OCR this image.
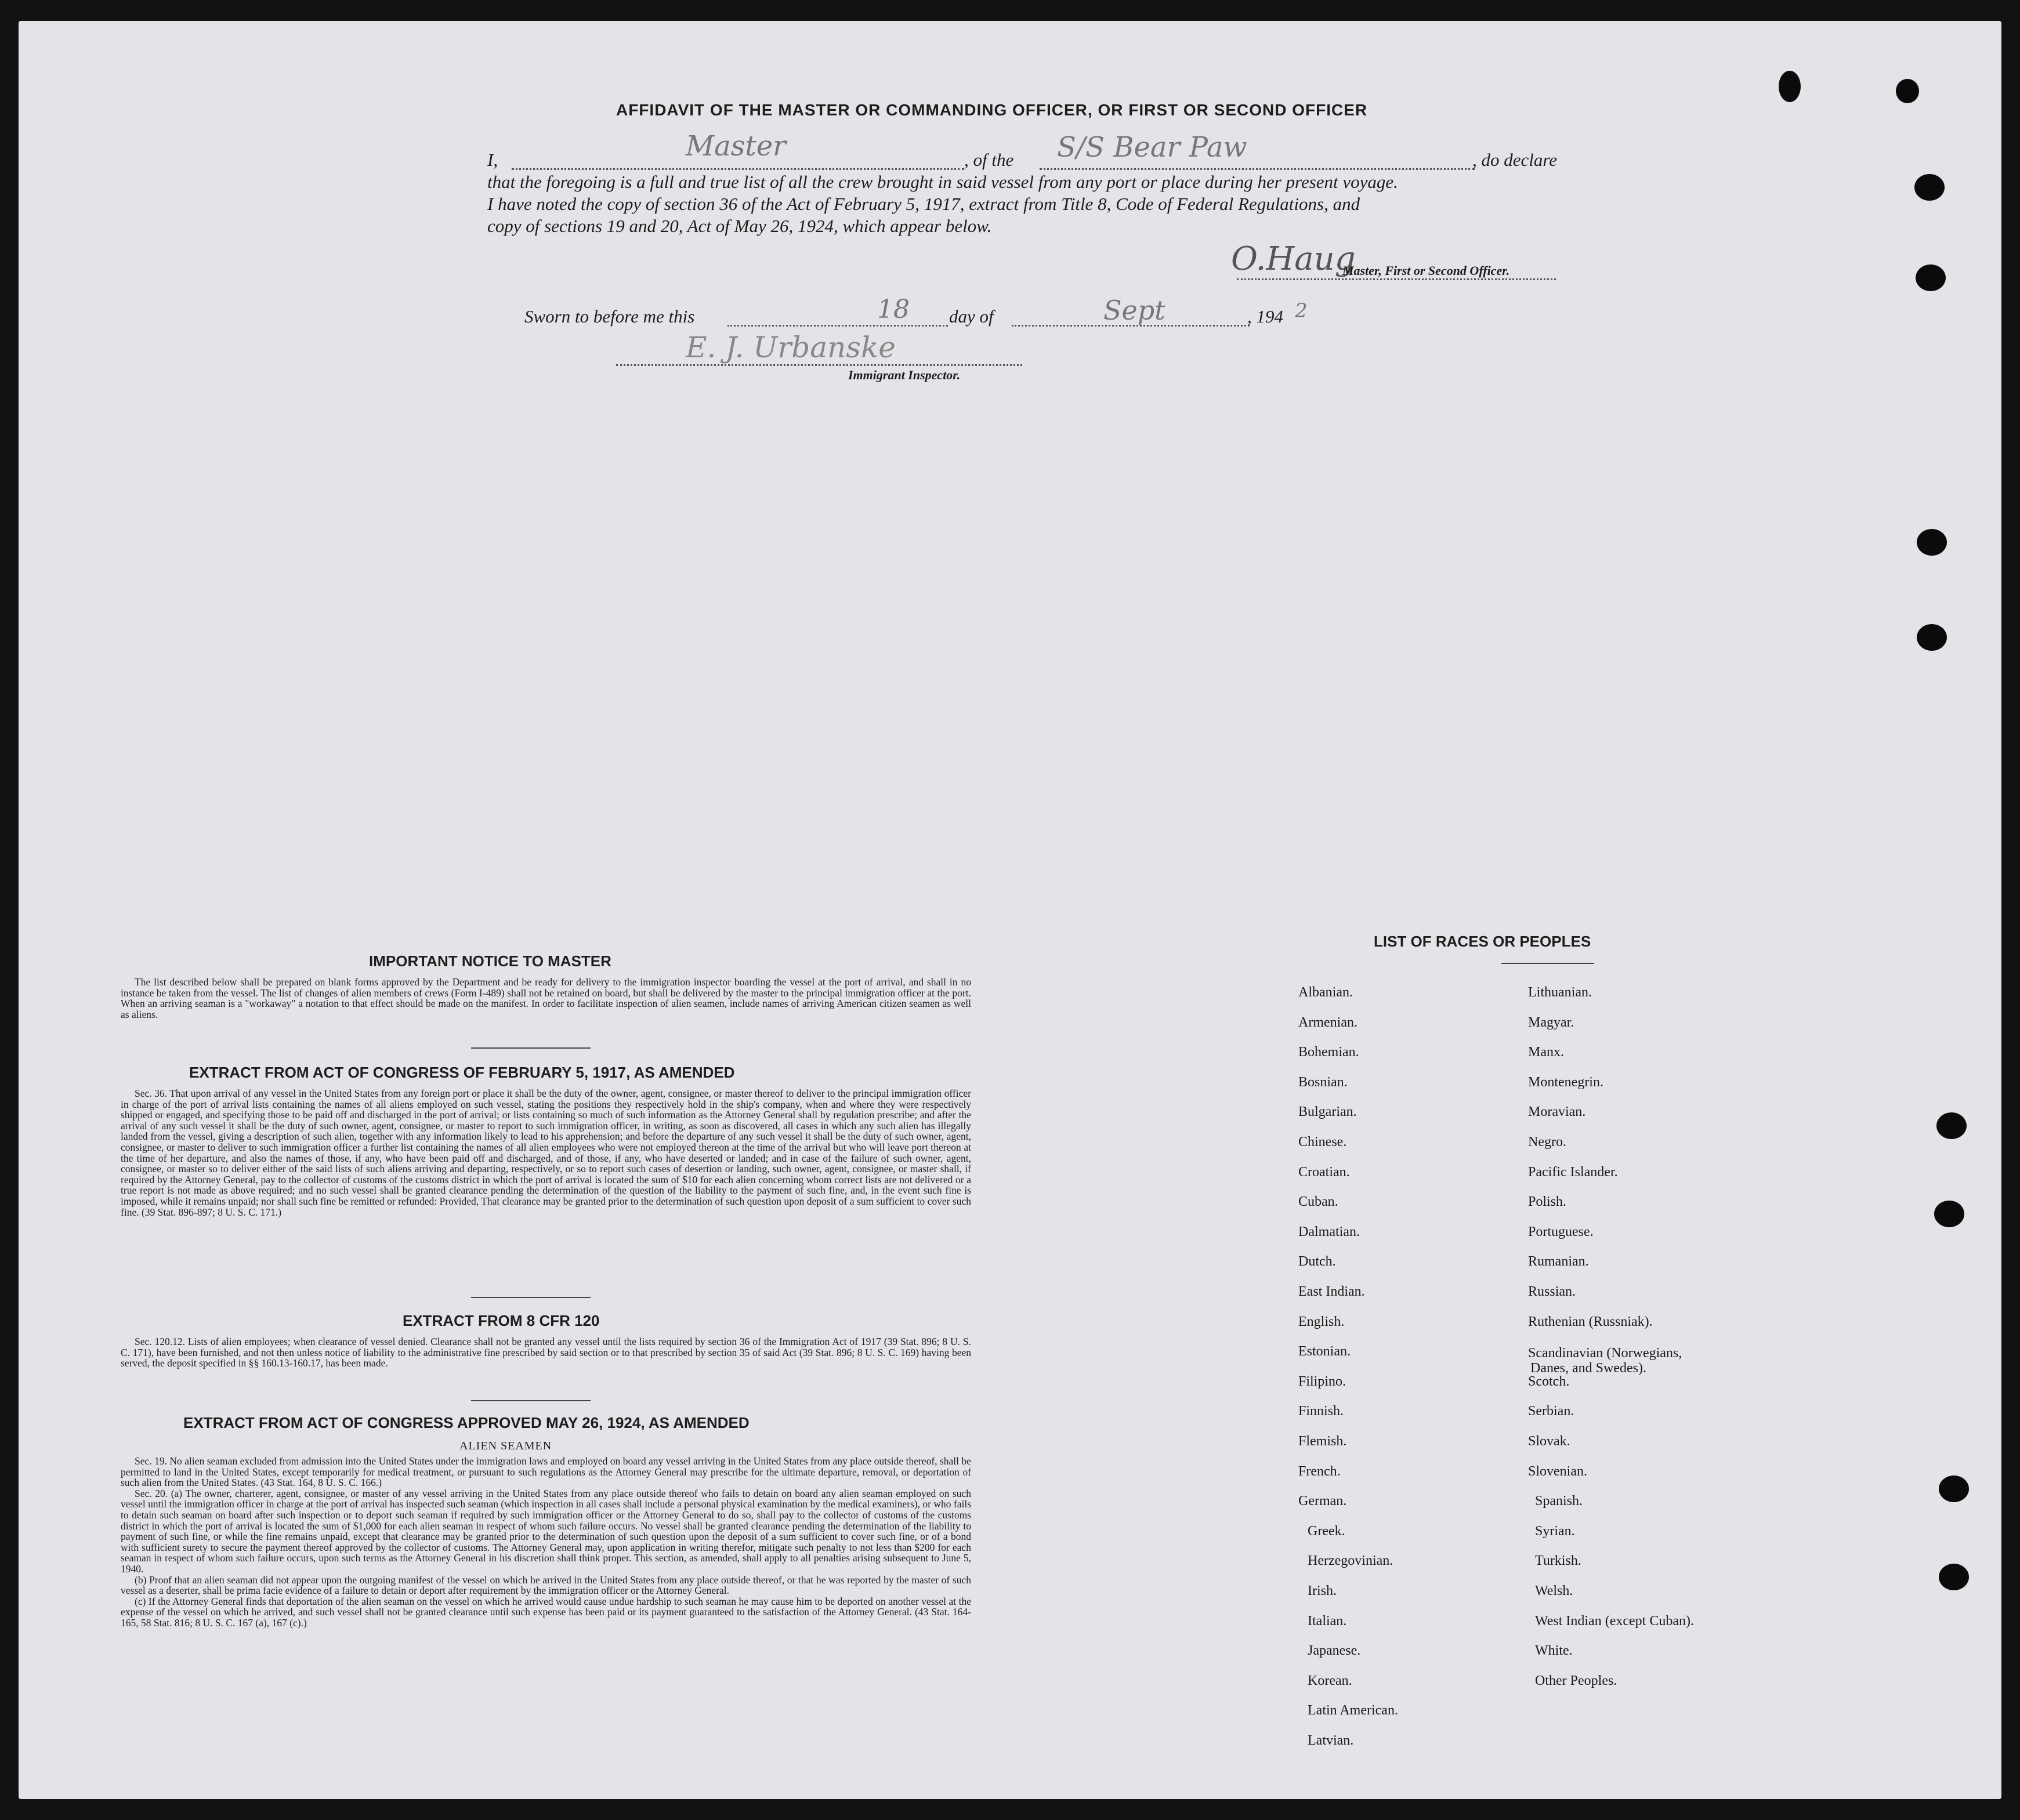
AFFIDAVIT OF THE MASTER OR COMMANDING OFFICER, OR FIRST OR SECOND OFFICER
I,	Master	, of the S/S Bear Paw	, do declare
that the foregoing is a full and true list of all the crew brought in said vessel from any port or place during her present voyage.
I have noted the copy of section 36 of the Act of February 5, 1917, extract from Title 8, Code of Federal Regulations, and
copy of sections 19 and 20, Act of May 26, 1924, which appear below.
O.Haug
Master, First or Second Officer.
Sworn to before me this	18 day of	Sept	, 194 2
E. J. Urbanske
Immigrant Inspector.
IMPORTANT NOTICE TO MASTER

The list described below shall be prepared on blank forms approved by the Department and be ready for delivery to the immigration inspector boarding the vessel at the port of arrival, and shall in no instance be taken from the vessel. The list of changes of alien members of crews (Form I-489) shall not be retained on board, but shall be delivered by the master to the principal immigration officer at the port. When an arriving seaman is a "workaway" a notation to that effect should be made on the manifest. In order to facilitate inspection of alien seamen, include names of arriving American citizen seamen as well as aliens.

EXTRACT FROM ACT OF CONGRESS OF FEBRUARY 5, 1917, AS AMENDED

Sec. 36. That upon arrival of any vessel in the United States from any foreign port or place it shall be the duty of the owner, agent, consignee, or master thereof to deliver to the principal immigration officer in charge of the port of arrival lists containing the names of all aliens employed on such vessel, stating the positions they respectively hold in the ship's company, when and where they were respectively shipped or engaged, and specifying those to be paid off and discharged in the port of arrival; or lists containing so much of such information as the Attorney General shall by regulation prescribe; and after the arrival of any such vessel it shall be the duty of such owner, agent, consignee, or master to report to such immigration officer, in writing, as soon as discovered, all cases in which any such alien has illegally landed from the vessel, giving a description of such alien, together with any information likely to lead to his apprehension; and before the departure of any such vessel it shall be the duty of such owner, agent, consignee, or master to deliver to such immigration officer a further list containing the names of all alien employees who were not employed thereon at the time of the arrival but who will leave port thereon at the time of her departure, and also the names of those, if any, who have been paid off and discharged, and of those, if any, who have deserted or landed; and in case of the failure of such owner, agent, consignee, or master so to deliver either of the said lists of such aliens arriving and departing, respectively, or so to report such cases of desertion or landing, such owner, agent, consignee, or master shall, if required by the Attorney General, pay to the collector of customs of the customs district in which the port of arrival is located the sum of $10 for each alien concerning whom correct lists are not delivered or a true report is not made as above required; and no such vessel shall be granted clearance pending the determination of the question of the liability to the payment of such fine, and, in the event such fine is imposed, while it remains unpaid; nor shall such fine be remitted or refunded: Provided, That clearance may be granted prior to the determination of such question upon deposit of a sum sufficient to cover such fine. (39 Stat. 896-897; 8 U. S. C. 171.)

EXTRACT FROM 8 CFR 120

Sec. 120.12. Lists of alien employees; when clearance of vessel denied. Clearance shall not be granted any vessel until the lists required by section 36 of the Immigration Act of 1917 (39 Stat. 896; 8 U. S. C. 171), have been furnished, and not then unless notice of liability to the administrative fine prescribed by said section or to that prescribed by section 35 of said Act (39 Stat. 896; 8 U. S. C. 169) having been served, the deposit specified in §§ 160.13-160.17, has been made.

EXTRACT FROM ACT OF CONGRESS APPROVED MAY 26, 1924, AS AMENDED
ALIEN SEAMEN

Sec. 19. No alien seaman excluded from admission into the United States under the immigration laws and employed on board any vessel arriving in the United States from any place outside thereof, shall be permitted to land in the United States, except temporarily for medical treatment, or pursuant to such regulations as the Attorney General may prescribe for the ultimate departure, removal, or deportation of such alien from the United States. (43 Stat. 164, 8 U. S. C. 166.)

Sec. 20. (a) The owner, charterer, agent, consignee, or master of any vessel arriving in the United States from any place outside thereof who fails to detain on board any alien seaman employed on such vessel until the immigration officer in charge at the port of arrival has inspected such seaman (which inspection in all cases shall include a personal physical examination by the medical examiners), or who fails to detain such seaman on board after such inspection or to deport such seaman if required by such immigration officer or the Attorney General to do so, shall pay to the collector of customs of the customs district in which the port of arrival is located the sum of $1,000 for each alien seaman in respect of whom such failure occurs. No vessel shall be granted clearance pending the determination of the liability to payment of such fine, or while the fine remains unpaid, except that clearance may be granted prior to the determination of such question upon the deposit of a sum sufficient to cover such fine, or of a bond with sufficient surety to secure the payment thereof approved by the collector of customs. The Attorney General may, upon application in writing therefor, mitigate such penalty to not less than $200 for each seaman in respect of whom such failure occurs, upon such terms as the Attorney General in his discretion shall think proper. This section, as amended, shall apply to all penalties arising subsequent to June 5, 1940.

(b) Proof that an alien seaman did not appear upon the outgoing manifest of the vessel on which he arrived in the United States from any place outside thereof, or that he was reported by the master of such vessel as a deserter, shall be prima facie evidence of a failure to detain or deport after requirement by the immigration officer or the Attorney General.

(c) If the Attorney General finds that deportation of the alien seaman on the vessel on which he arrived would cause undue hardship to such seaman he may cause him to be deported on another vessel at the expense of the vessel on which he arrived, and such vessel shall not be granted clearance until such expense has been paid or its payment guaranteed to the satisfaction of the Attorney General. (43 Stat. 164-165, 58 Stat. 816; 8 U. S. C. 167 (a), 167 (c).)

LIST OF RACES OR PEOPLES
Albanian.
Armenian.
Bohemian.
Bosnian.
Bulgarian.
Chinese.
Croatian.
Cuban.
Dalmatian.
Dutch.
East Indian.
English.
Estonian.
Filipino.
Finnish.
Flemish.
French.
German.
Greek.
Herzegovinian.
Irish.
Italian.
Japanese.
Korean.
Latin American.
Latvian.
Lithuanian.
Magyar.
Manx.
Montenegrin.
Moravian.
Negro.
Pacific Islander.
Polish.
Portuguese.
Rumanian.
Russian.
Ruthenian (Russniak).
Scandinavian (Norwegians,
Danes, and Swedes).
Scotch.
Serbian.
Slovak.
Slovenian.
Spanish.
Syrian.
Turkish.
Welsh.
West Indian (except Cuban).
White.
Other Peoples.
